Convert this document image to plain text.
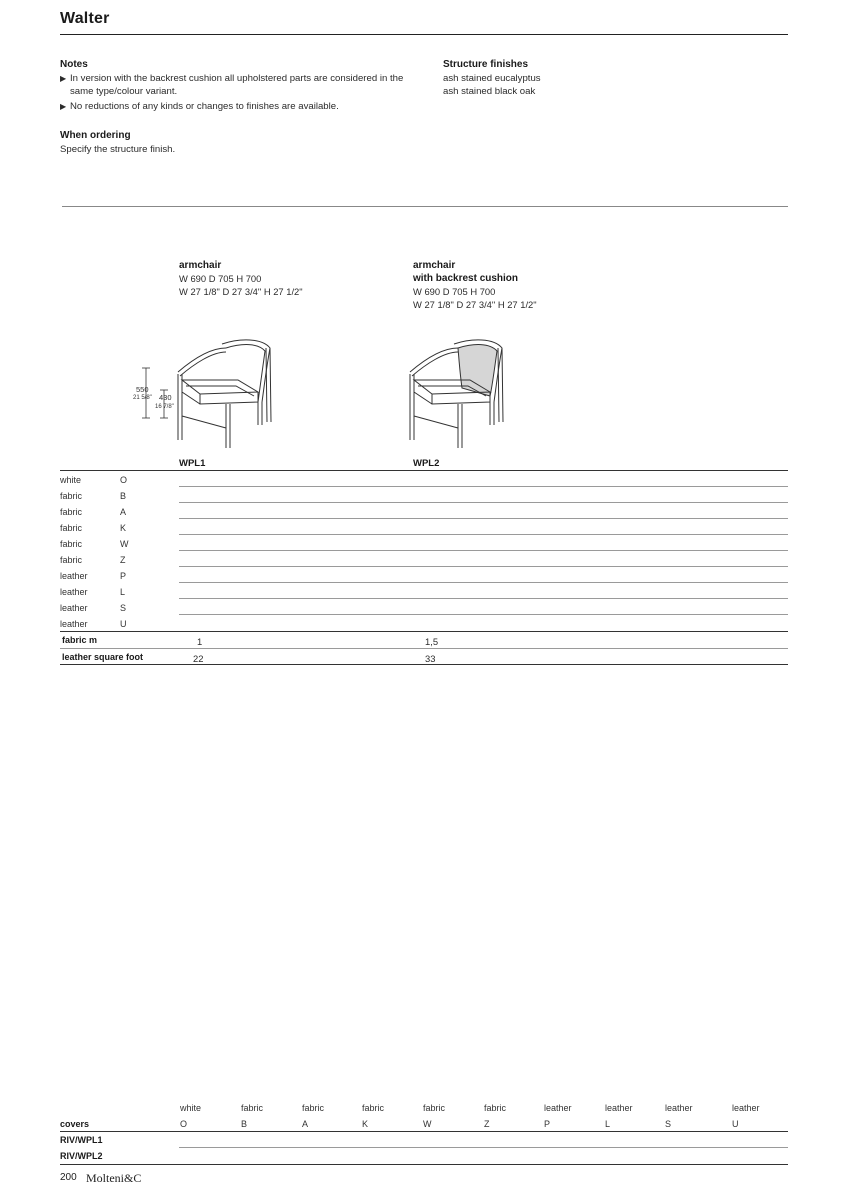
Walter
Notes
▶ In version with the backrest cushion all upholstered parts are considered in the
same type/colour variant.
▶ No reductions of any kinds or changes to finishes are available.
Structure finishes
ash stained eucalyptus
ash stained black oak
When ordering
Specify the structure finish.
armchair
W 690 D 705 H 700
W 27 1/8" D 27 3/4" H 27 1/2"
armchair
with backrest cushion
W 690 D 705 H 700
W 27 1/8" D 27 3/4" H 27 1/2"
550
21 5/8" 430
16 7/8"
WPL1	WPL2
white	O
fabric	B
fabric	A
fabric	K
fabric	W
fabric	Z
leather	P
leather	L
leather	S
leather	U
fabric m	1	1,5
leather square foot	22	33
white	fabric	fabric	fabric	fabric	fabric	leather	leather	leather	leather
covers	O	B	A	K	W	Z	P	L	S	U
RIV/WPL1
RIV/WPL2
200 Molteni&C
